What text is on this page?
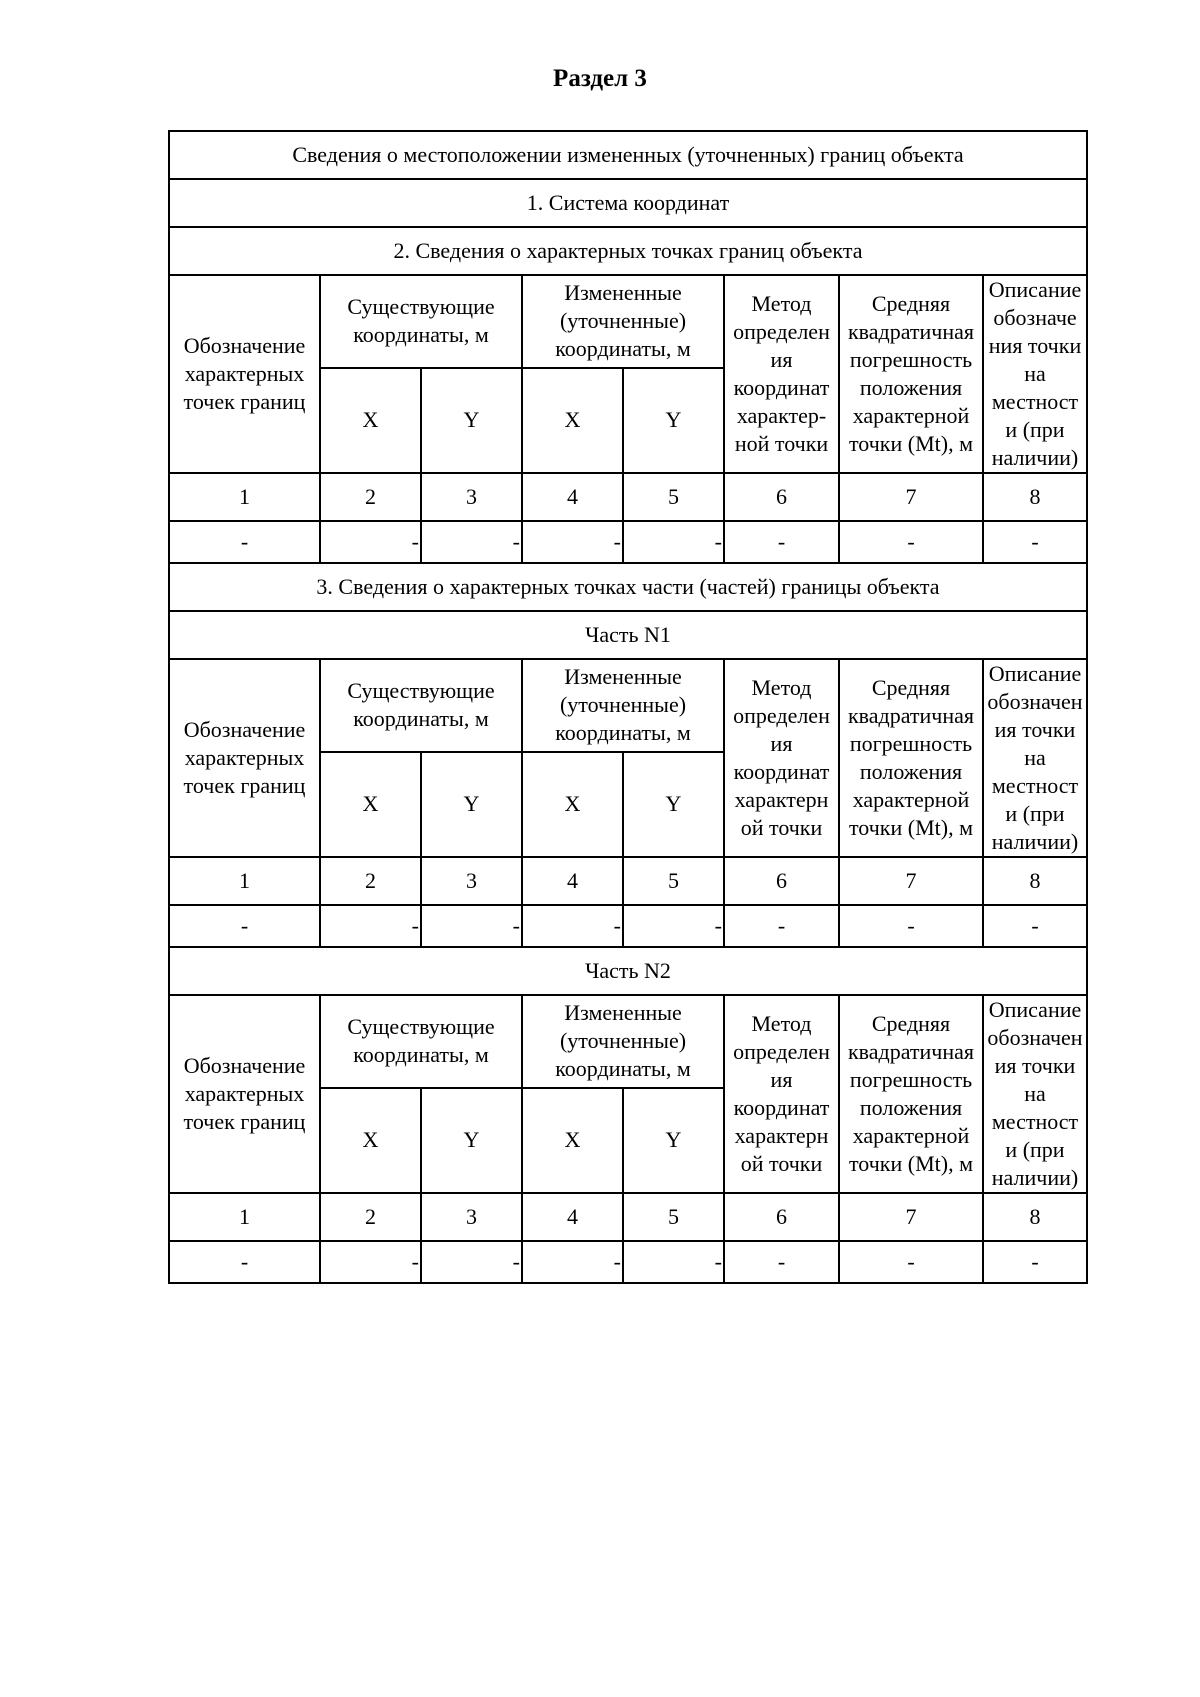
Раздел 3
Сведения о местоположении измененных (уточненных) границ объекта							
1. Система координат							
2. Сведения о характерных точках границ объекта							
Обозначение характерных точек границ	Существующие координаты, м		Измененные (уточненные) координаты, м		Метод определен ия координат характер-ной точки	Средняя квадратичная погрешность положения характерной точки (Mt), м	Описание обозначе ния точки на местност и (при наличии)
	X	Y	X	Y			
1	2	3	4	5	6	7	8
-	-	-	-	-	-	-	-
3. Сведения о характерных точках части (частей) границы объекта							
Часть N1							
Обозначение характерных точек границ	Существующие координаты, м		Измененные (уточненные) координаты, м		Метод определен ия координат характерн ой точки	Средняя квадратичная погрешность положения характерной точки (Mt), м	Описание обозначен ия точки на местност и (при наличии)
	X	Y	X	Y			
1	2	3	4	5	6	7	8
-	-	-	-	-	-	-	-
Часть N2							
Обозначение характерных точек границ	Существующие координаты, м		Измененные (уточненные) координаты, м		Метод определен ия координат характерн ой точки	Средняя квадратичная погрешность положения характерной точки (Mt), м	Описание обозначен ия точки на местност и (при наличии)
	X	Y	X	Y			
1	2	3	4	5	6	7	8
-	-	-	-	-	-	-	-
